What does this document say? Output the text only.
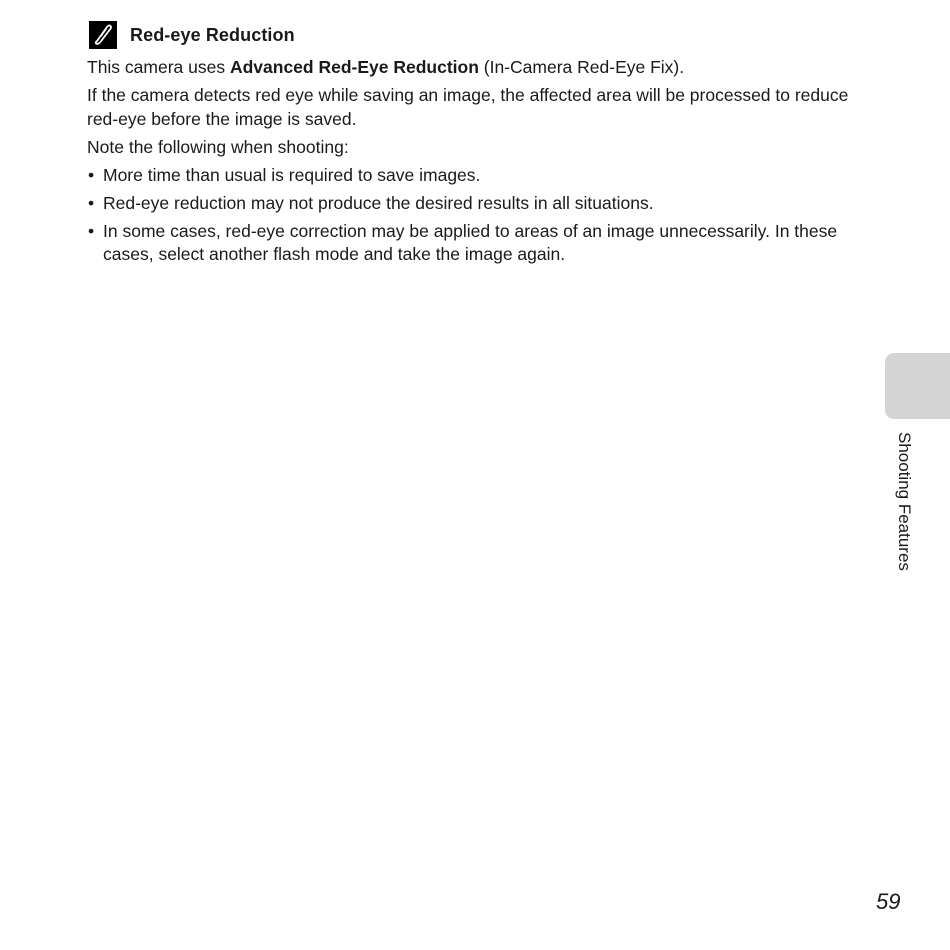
Red-eye Reduction

This camera uses Advanced Red-Eye Reduction (In-Camera Red-Eye Fix).

If the camera detects red eye while saving an image, the affected area will be processed to reduce red-eye before the image is saved.

Note the following when shooting:

• More time than usual is required to save images.
• Red-eye reduction may not produce the desired results in all situations.
• In some cases, red-eye correction may be applied to areas of an image unnecessarily. In these cases, select another flash mode and take the image again.
Shooting Features
59
